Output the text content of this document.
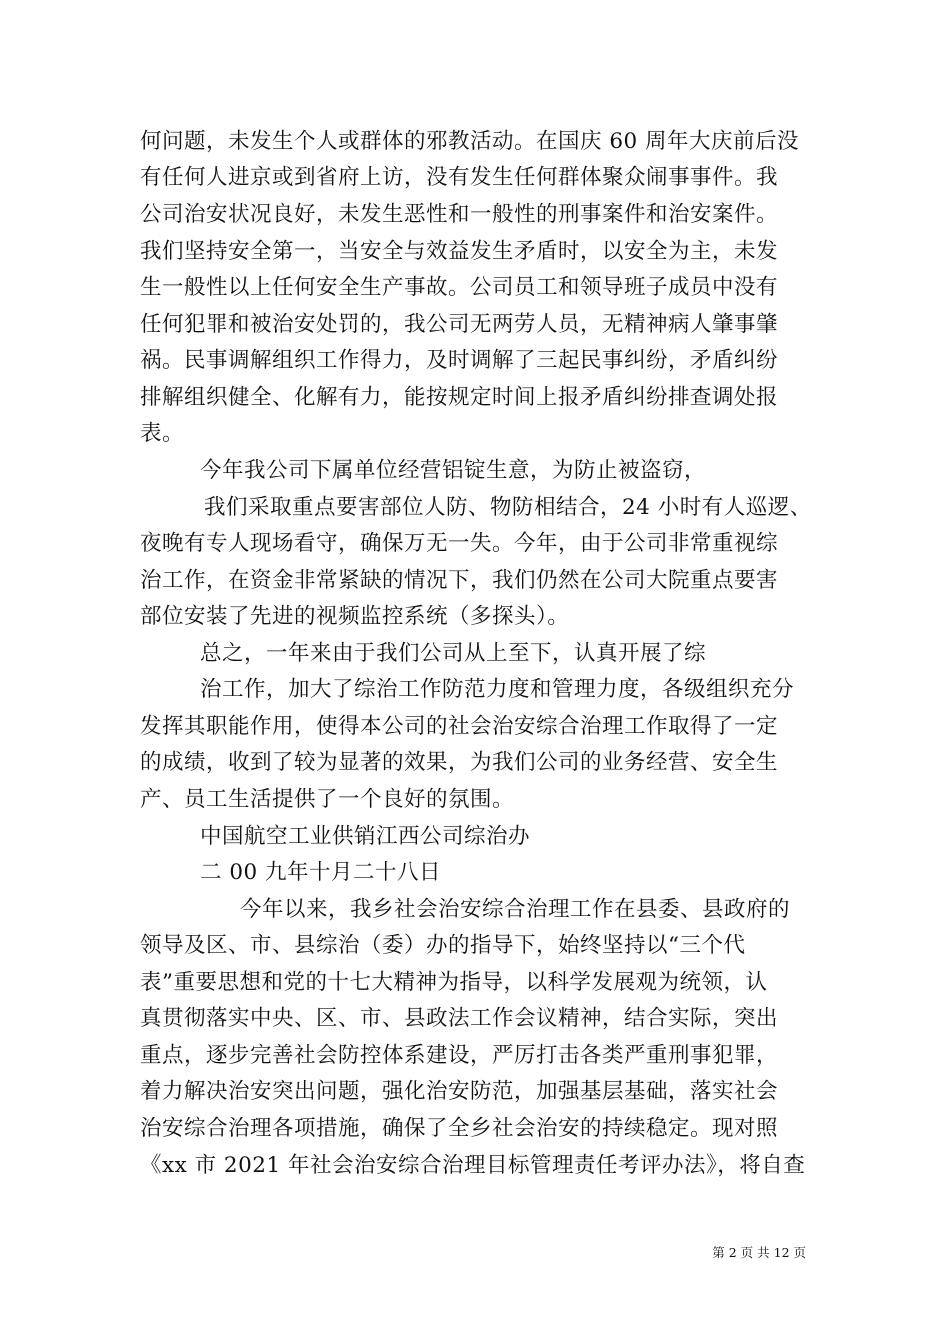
何问题，未发生个人或群体的邪教活动。在国庆 60 周年大庆前后没
有任何人进京或到省府上访，没有发生任何群体聚众闹事事件。我
公司治安状况良好，未发生恶性和一般性的刑事案件和治安案件。
我们坚持安全第一，当安全与效益发生矛盾时，以安全为主，未发
生一般性以上任何安全生产事故。公司员工和领导班子成员中没有
任何犯罪和被治安处罚的，我公司无两劳人员，无精神病人肇事肇
祸。民事调解组织工作得力，及时调解了三起民事纠纷，矛盾纠纷
排解组织健全、化解有力，能按规定时间上报矛盾纠纷排查调处报
表。
今年我公司下属单位经营铝锭生意，为防止被盗窃，
我们采取重点要害部位人防、物防相结合，24 小时有人巡逻、
夜晚有专人现场看守，确保万无一失。今年，由于公司非常重视综
治工作，在资金非常紧缺的情况下，我们仍然在公司大院重点要害
部位安装了先进的视频监控系统（多探头）。
总之，一年来由于我们公司从上至下，认真开展了综
治工作，加大了综治工作防范力度和管理力度，各级组织充分
发挥其职能作用，使得本公司的社会治安综合治理工作取得了一定
的成绩，收到了较为显著的效果，为我们公司的业务经营、安全生
产、员工生活提供了一个良好的氛围。
中国航空工业供销江西公司综治办
二 00 九年十月二十八日
今年以来，我乡社会治安综合治理工作在县委、县政府的
领导及区、市、县综治（委）办的指导下，始终坚持以“三个代
表”重要思想和党的十七大精神为指导，以科学发展观为统领，认
真贯彻落实中央、区、市、县政法工作会议精神，结合实际，突出
重点，逐步完善社会防控体系建设，严厉打击各类严重刑事犯罪，
着力解决治安突出问题，强化治安防范，加强基层基础，落实社会
治安综合治理各项措施，确保了全乡社会治安的持续稳定。现对照
《xx 市 2021 年社会治安综合治理目标管理责任考评办法》，将自查
第 2 页 共 12 页
